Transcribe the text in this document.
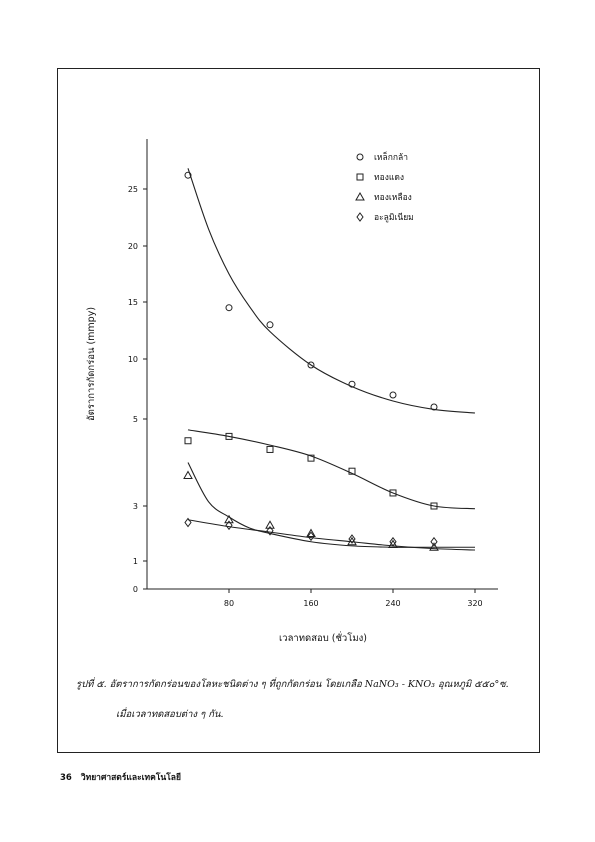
0
1
3
5
10
15
20
25
80	160	240	320
เวลาทดสอบ (ชั่วโมง)
อัตราการกัดกร่อน (mmpy)
เหล็กกล้า
ทองแดง
ทองเหลือง
อะลูมิเนียม
รูปที่ ๕. อัตราการกัดกร่อนของโลหะชนิดต่าง ๆ ที่ถูกกัดกร่อน โดยเกลือ NaNO₃ - KNO₃ อุณหภูมิ ๕๕๐°ซ.
เมื่อเวลาทดสอบต่าง ๆ กัน.
36 วิทยาศาสตร์และเทคโนโลยี
